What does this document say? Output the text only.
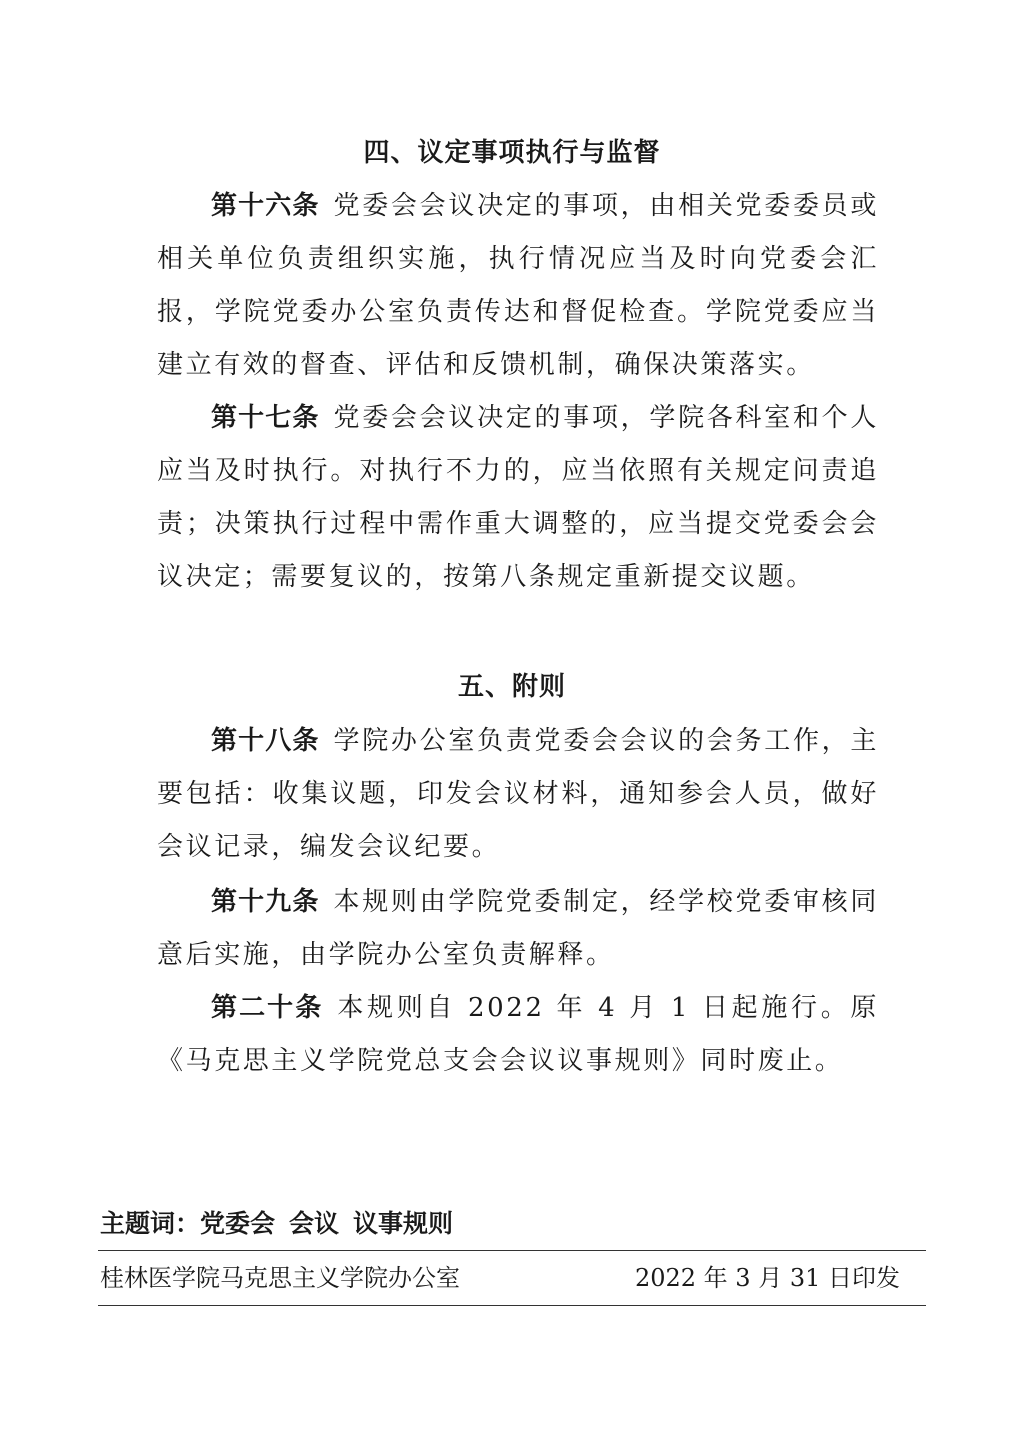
四、议定事项执行与监督
第十六条 党委会会议决定的事项，由相关党委委员或相关单位负责组织实施，执行情况应当及时向党委会汇报，学院党委办公室负责传达和督促检查。学院党委应当建立有效的督查、评估和反馈机制，确保决策落实。
第十七条 党委会会议决定的事项，学院各科室和个人应当及时执行。对执行不力的，应当依照有关规定问责追责；决策执行过程中需作重大调整的，应当提交党委会会议决定；需要复议的，按第八条规定重新提交议题。
五、附则
第十八条 学院办公室负责党委会会议的会务工作，主要包括：收集议题，印发会议材料，通知参会人员，做好会议记录，编发会议纪要。
第十九条 本规则由学院党委制定，经学校党委审核同意后实施，由学院办公室负责解释。
第二十条 本规则自 2022 年 4 月 1 日起施行。原《马克思主义学院党总支会会议议事规则》同时废止。
主题词：党委会 会议 议事规则
桂林医学院马克思主义学院办公室	2022 年 3 月 31 日印发
